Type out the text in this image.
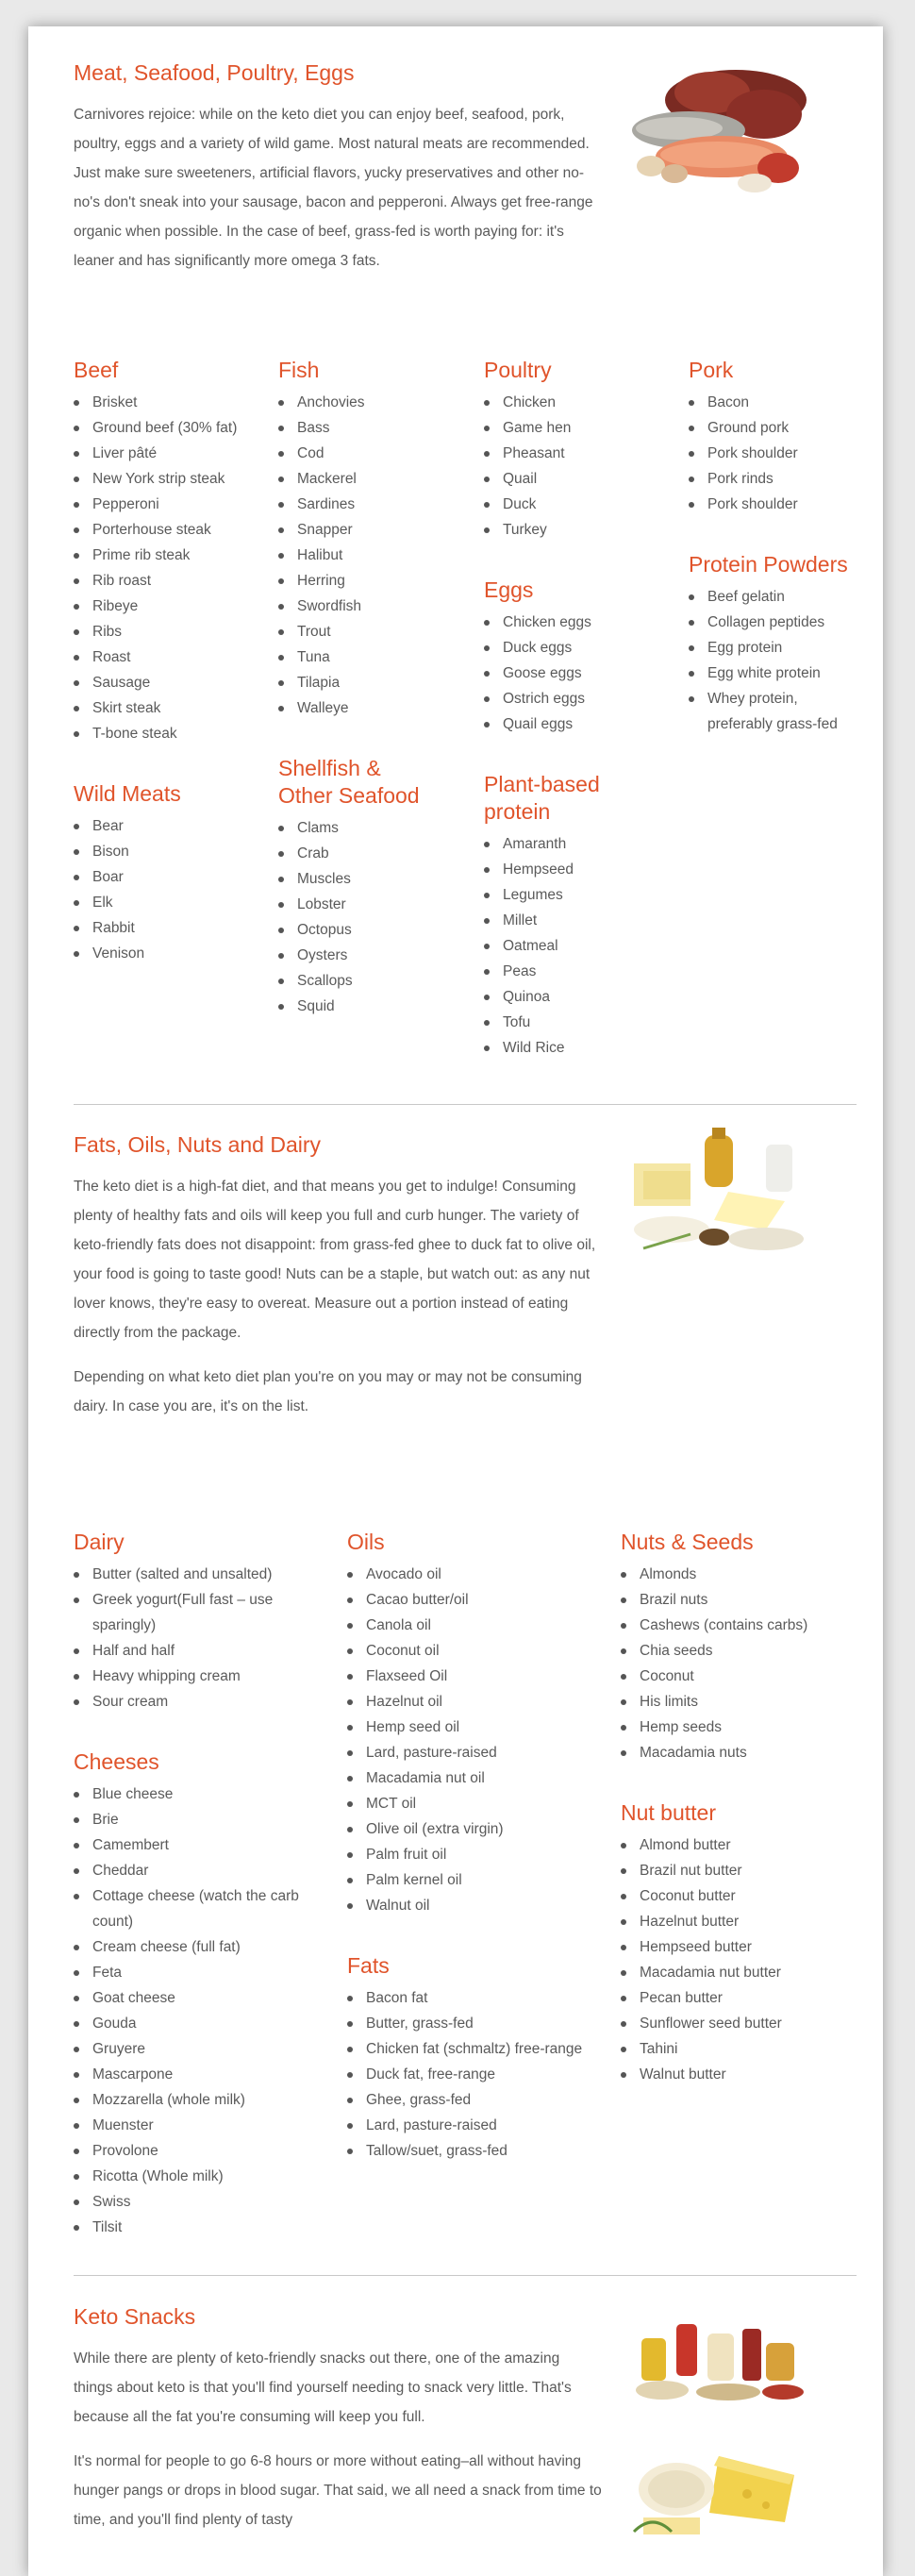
Meat, Seafood, Poultry, Eggs

Carnivores rejoice: while on the keto diet you can enjoy beef, seafood, pork, poultry, eggs and a variety of wild game. Most natural meats are recommended. Just make sure sweeteners, artificial flavors, yucky preservatives and other no-no's don't sneak into your sausage, bacon and pepperoni. Always get free-range organic when possible. In the case of beef, grass-fed is worth paying for: it's leaner and has significantly more omega 3 fats.

Beef
Brisket
Ground beef (30% fat)
Liver pâté
New York strip steak
Pepperoni
Porterhouse steak
Prime rib steak
Rib roast
Ribeye
Ribs
Roast
Sausage
Skirt steak
T-bone steak
Wild Meats
Bear
Bison
Boar
Elk
Rabbit
Venison
Fish
Anchovies
Bass
Cod
Mackerel
Sardines
Snapper
Halibut
Herring
Swordfish
Trout
Tuna
Tilapia
Walleye
Shellfish & Other Seafood
Clams
Crab
Muscles
Lobster
Octopus
Oysters
Scallops
Squid
Poultry
Chicken
Game hen
Pheasant
Quail
Duck
Turkey
Eggs
Chicken eggs
Duck eggs
Goose eggs
Ostrich eggs
Quail eggs
Plant-based protein
Amaranth
Hempseed
Legumes
Millet
Oatmeal
Peas
Quinoa
Tofu
Wild Rice
Pork
Bacon
Ground pork
Pork shoulder
Pork rinds
Pork shoulder
Protein Powders
Beef gelatin
Collagen peptides
Egg protein
Egg white protein
Whey protein, preferably grass-fed
Fats, Oils, Nuts and Dairy

The keto diet is a high-fat diet, and that means you get to indulge! Consuming plenty of healthy fats and oils will keep you full and curb hunger. The variety of keto-friendly fats does not disappoint: from grass-fed ghee to duck fat to olive oil, your food is going to taste good! Nuts can be a staple, but watch out: as any nut lover knows, they're easy to overeat. Measure out a portion instead of eating directly from the package.

Depending on what keto diet plan you're on you may or may not be consuming dairy. In case you are, it's on the list.

Dairy
Butter (salted and unsalted)
Greek yogurt(Full fast – use sparingly)
Half and half
Heavy whipping cream
Sour cream
Cheeses
Blue cheese
Brie
Camembert
Cheddar
Cottage cheese (watch the carb count)
Cream cheese (full fat)
Feta
Goat cheese
Gouda
Gruyere
Mascarpone
Mozzarella (whole milk)
Muenster
Provolone
Ricotta (Whole milk)
Swiss
Tilsit
Oils
Avocado oil
Cacao butter/oil
Canola oil
Coconut oil
Flaxseed Oil
Hazelnut oil
Hemp seed oil
Lard, pasture-raised
Macadamia nut oil
MCT oil
Olive oil (extra virgin)
Palm fruit oil
Palm kernel oil
Walnut oil
Fats
Bacon fat
Butter, grass-fed
Chicken fat (schmaltz) free-range
Duck fat, free-range
Ghee, grass-fed
Lard, pasture-raised
Tallow/suet, grass-fed
Nuts & Seeds
Almonds
Brazil nuts
Cashews (contains carbs)
Chia seeds
Coconut
His limits
Hemp seeds
Macadamia nuts
Nut butter
Almond butter
Brazil nut butter
Coconut butter
Hazelnut butter
Hempseed butter
Macadamia nut butter
Pecan butter
Sunflower seed butter
Tahini
Walnut butter
Keto Snacks

While there are plenty of keto-friendly snacks out there, one of the amazing things about keto is that you'll find yourself needing to snack very little. That's because all the fat you're consuming will keep you full.

It's normal for people to go 6-8 hours or more without eating–all without having hunger pangs or drops in blood sugar. That said, we all need a snack from time to time, and you'll find plenty of tasty
